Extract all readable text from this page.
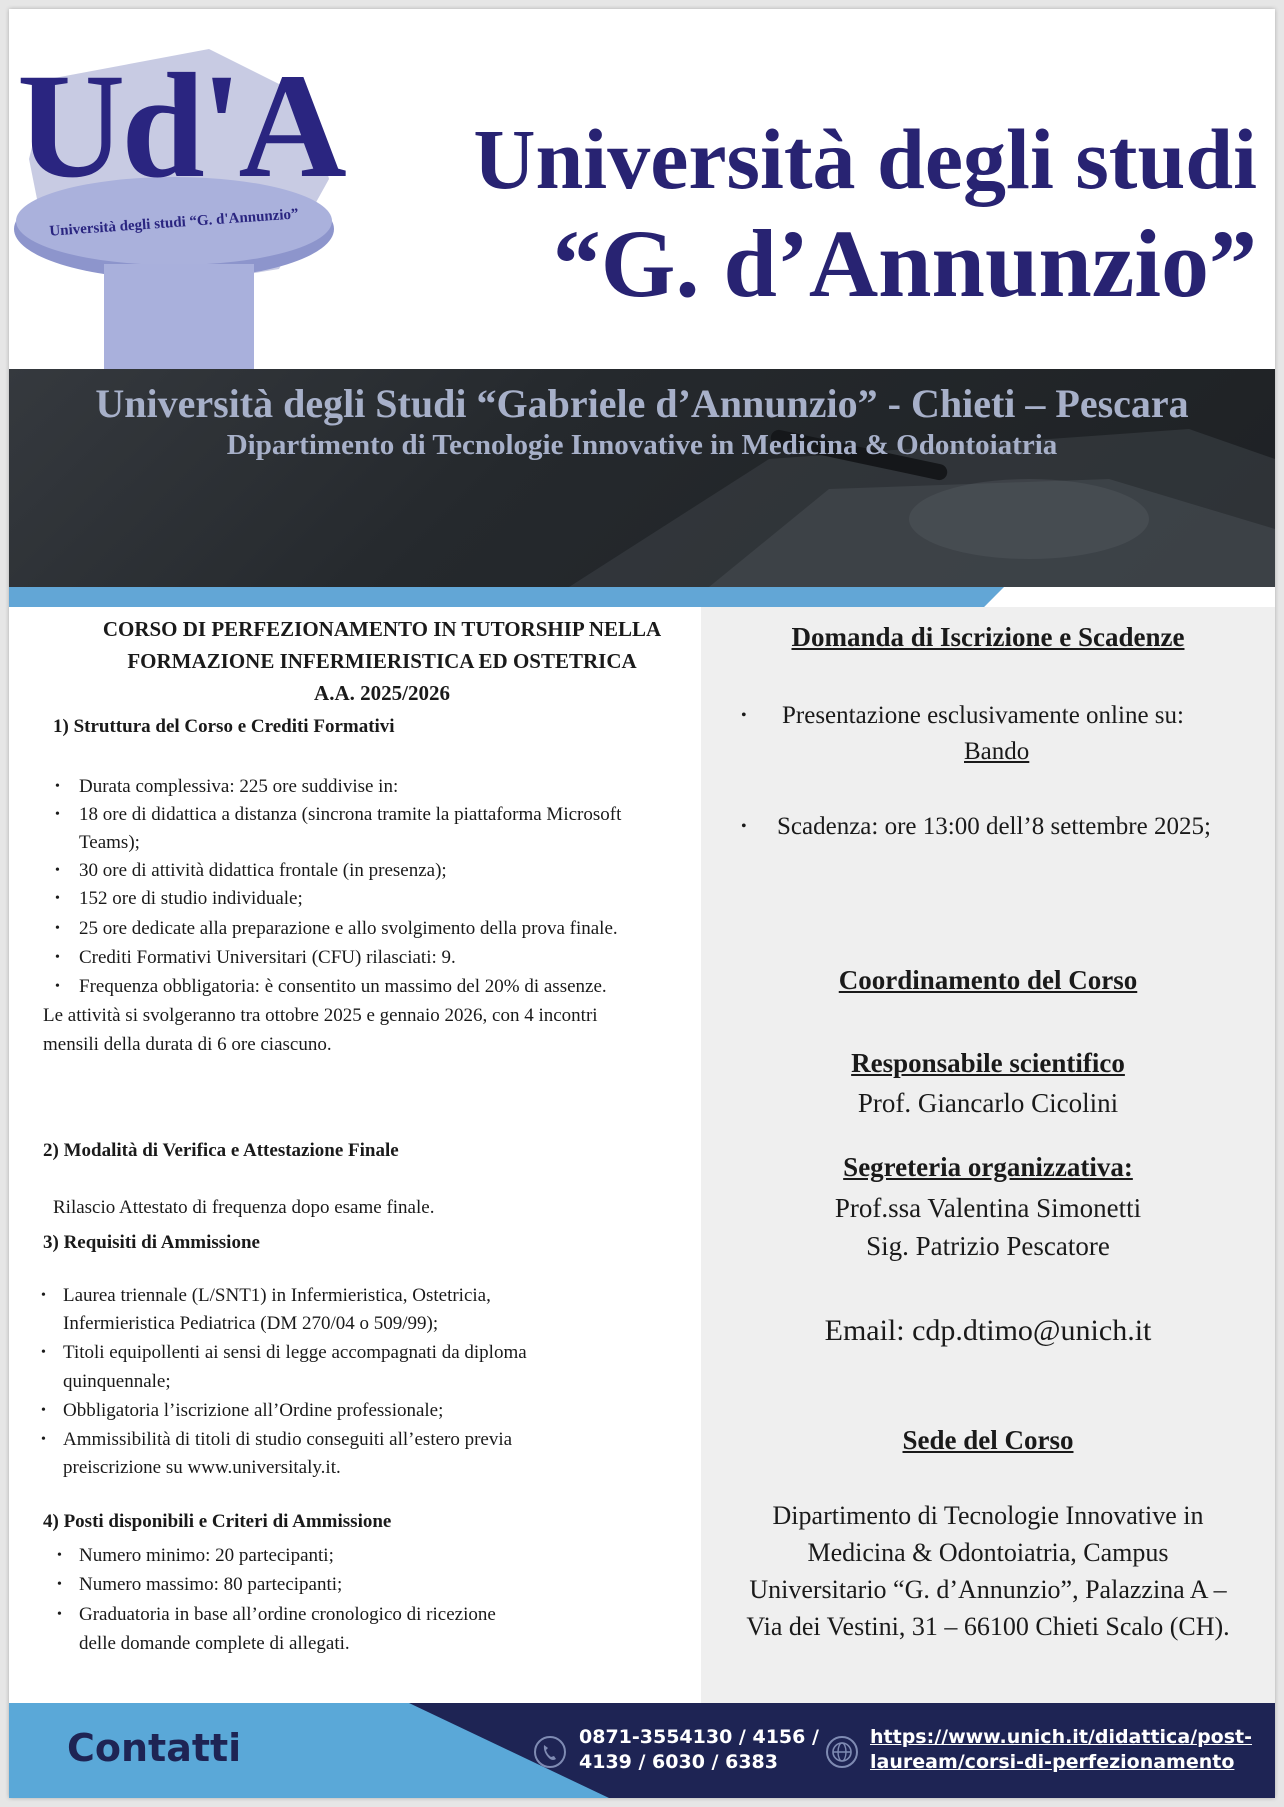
Ud'A
Università degli studi “G. d'Annunzio”
Università degli studi
“G. d’Annunzio”
Università degli Studi “Gabriele d’Annunzio” - Chieti – Pescara
Dipartimento di Tecnologie Innovative in Medicina & Odontoiatria
CORSO DI PERFEZIONAMENTO IN TUTORSHIP NELLA
FORMAZIONE INFERMIERISTICA ED OSTETRICA
A.A. 2025/2026
1) Struttura del Corso e Crediti Formativi
• Durata complessiva: 225 ore suddivise in:
• 18 ore di didattica a distanza (sincrona tramite la piattaforma Microsoft
Teams);
• 30 ore di attività didattica frontale (in presenza);
• 152 ore di studio individuale;
• 25 ore dedicate alla preparazione e allo svolgimento della prova finale.
• Crediti Formativi Universitari (CFU) rilasciati: 9.
• Frequenza obbligatoria: è consentito un massimo del 20% di assenze.
Le attività si svolgeranno tra ottobre 2025 e gennaio 2026, con 4 incontri
mensili della durata di 6 ore ciascuno.
2) Modalità di Verifica e Attestazione Finale
Rilascio Attestato di frequenza dopo esame finale.
3) Requisiti di Ammissione
• Laurea triennale (L/SNT1) in Infermieristica, Ostetricia,
Infermieristica Pediatrica (DM 270/04 o 509/99);
• Titoli equipollenti ai sensi di legge accompagnati da diploma
quinquennale;
• Obbligatoria l’iscrizione all’Ordine professionale;
• Ammissibilità di titoli di studio conseguiti all’estero previa
preiscrizione su www.universitaly.it.
4) Posti disponibili e Criteri di Ammissione
• Numero minimo: 20 partecipanti;
• Numero massimo: 80 partecipanti;
• Graduatoria in base all’ordine cronologico di ricezione
delle domande complete di allegati.
Domanda di Iscrizione e Scadenze
• Presentazione esclusivamente online su:
Bando
• Scadenza: ore 13:00 dell’8 settembre 2025;
Coordinamento del Corso
Responsabile scientifico
Prof. Giancarlo Cicolini
Segreteria organizzativa:
Prof.ssa Valentina Simonetti
Sig. Patrizio Pescatore
Email: cdp.dtimo@unich.it
Sede del Corso
Dipartimento di Tecnologie Innovative in
Medicina & Odontoiatria, Campus
Universitario “G. d’Annunzio”, Palazzina A –
Via dei Vestini, 31 – 66100 Chieti Scalo (CH).
Contatti	0871-3554130 / 4156 /
4139 / 6030 / 6383
https://www.unich.it/didattica/post-
lauream/corsi-di-perfezionamento
